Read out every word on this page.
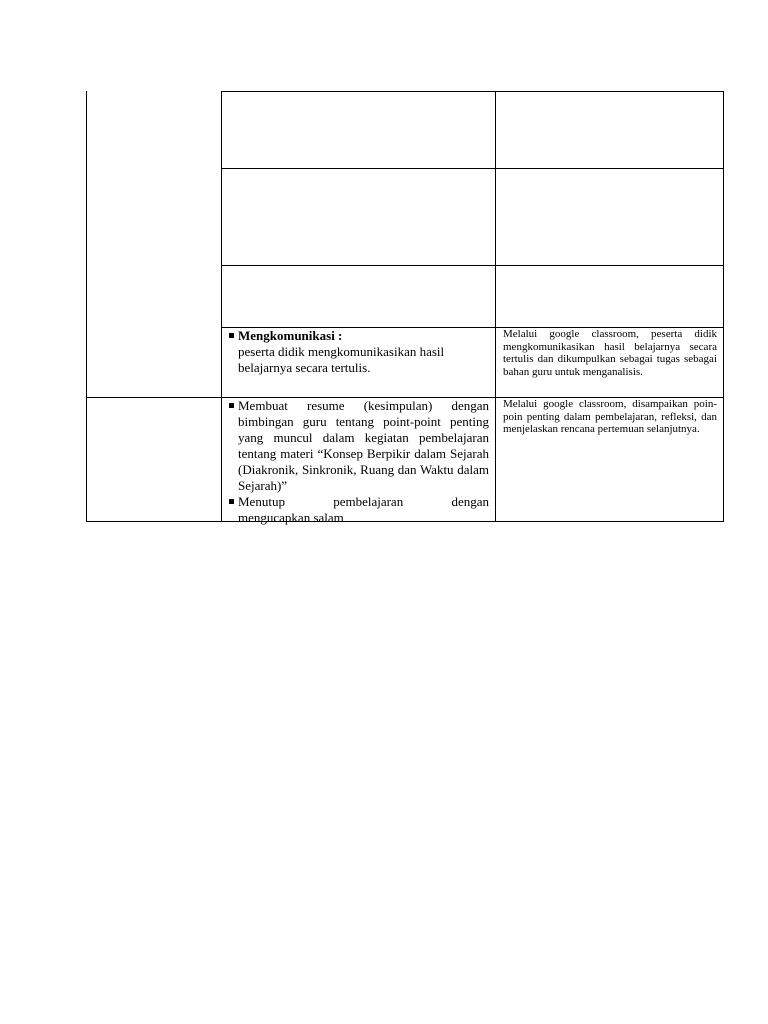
Mengkomunikasi :
peserta didik mengkomunikasikan hasil belajarnya secara tertulis.
Melalui google classroom, peserta didik mengkomunikasikan hasil belajarnya secara tertulis dan dikumpulkan sebagai tugas sebagai bahan guru untuk menganalisis.
Membuat resume (kesimpulan) dengan bimbingan guru tentang point-point penting yang muncul dalam kegiatan pembelajaran tentang materi “Konsep Berpikir dalam Sejarah (Diakronik, Sinkronik, Ruang dan Waktu dalam Sejarah)”
Menutup pembelajaran dengan
mengucapkan salam
Melalui google classroom, disampaikan poin-poin penting dalam pembelajaran, refleksi, dan menjelaskan rencana pertemuan selanjutnya.
